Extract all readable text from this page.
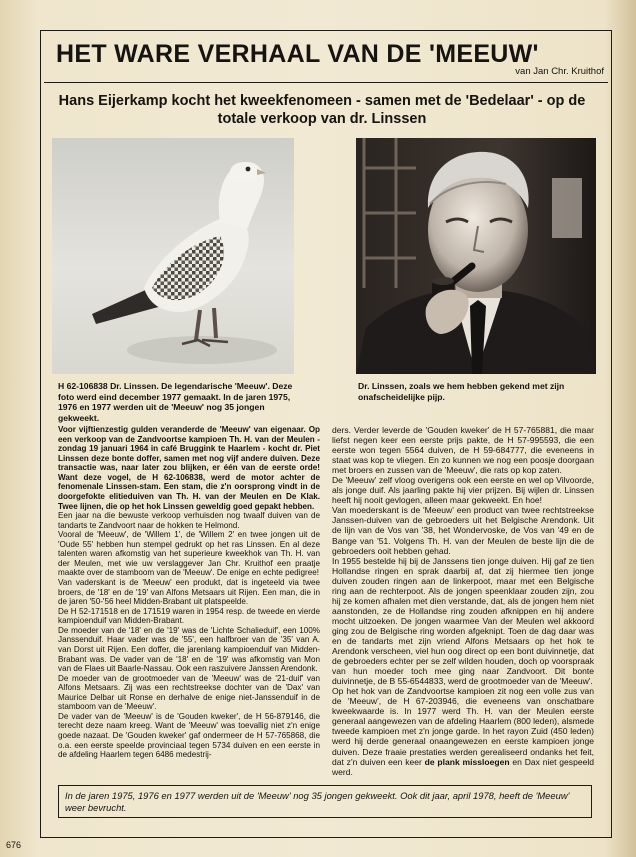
HET WARE VERHAAL VAN DE 'MEEUW'
van Jan Chr. Kruithof
Hans Eijerkamp kocht het kweekfenomeen - samen met de 'Bedelaar' - op de totale verkoop van dr. Linssen

H 62-106838 Dr. Linssen. De legendarische 'Meeuw'. Deze foto werd eind december 1977 gemaakt. In de jaren 1975, 1976 en 1977 werden uit de 'Meeuw' nog 35 jongen gekweekt.

Dr. Linssen, zoals we hem hebben gekend met zijn onafscheidelijke pijp.

Voor vijftienzestig gulden veranderde de 'Meeuw' van eigenaar. Op een verkoop van de Zandvoortse kampioen Th. H. van der Meulen - zondag 19 januari 1964 in café Bruggink te Haarlem - kocht dr. Piet Linssen deze bonte doffer, samen met nog vijf andere duiven. Deze transactie was, naar later zou blijken, er één van de eerste orde! Want deze vogel, de H 62-106838, werd de motor achter de fenomenale Linssen-stam. Een stam, die z'n oorsprong vindt in de doorgefokte elitieduiven van Th. H. van der Meulen en De Klak. Twee lijnen, die op het hok Linssen geweldig goed gepakt hebben.

Een jaar na die bewuste verkoop verhuisden nog twaalf duiven van de tandarts te Zandvoort naar de hokken te Helmond.

Vooral de 'Meeuw', de 'Willem 1', de 'Willem 2' en twee jongen uit de 'Oude 55' hebben hun stempel gedrukt op het ras Linssen. En al deze talenten waren afkomstig van het superieure kweekhok van Th. H. van der Meulen, met wie uw verslaggever Jan Chr. Kruithof een praatje maakte over de stamboom van de 'Meeuw'. De enige en echte pedigree!

Van vaderskant is de 'Meeuw' een produkt, dat is ingeteeld via twee broers, de '18' en de '19' van Alfons Metsaars uit Rijen. Een man, die in de jaren '50-'56 heel Midden-Brabant uit platspeelde.

De H 52-171518 en de 171519 waren in 1954 resp. de tweede en vierde kampioenduif van Midden-Brabant.

De moeder van de '18' en de '19' was de 'Lichte Schalieduif', een 100% Janssenduif. Haar vader was de '55', een halfbroer van de '35' van A. van Dorst uit Rijen. Een doffer, die jarenlang kampioenduif van Midden-Brabant was. De vader van de '18' en de '19' was afkomstig van Mon van de Flaes uit Baarle-Nassau. Ook een raszuivere Janssen Arendonk.

De moeder van de grootmoeder van de 'Meeuw' was de '21-duif' van Alfons Metsaars. Zij was een rechtstreekse dochter van de 'Dax' van Maurice Delbar uit Ronse en derhalve de enige niet-Janssenduif in de stamboom van de 'Meeuw'.

De vader van de 'Meeuw' is de 'Gouden kweker', de H 56-879146, die terecht deze naam kreeg. Want de 'Meeuw' was toevallig niet z'n enige goede nazaat. De 'Gouden kweker' gaf ondermeer de H 57-765868, die o.a. een eerste speelde provinciaal tegen 5734 duiven en een eerste in de afdeling Haarlem tegen 6486 medestrij-

ders. Verder leverde de 'Gouden kweker' de H 57-765881, die maar liefst negen keer een eerste prijs pakte, de H 57-995593, die een eerste won tegen 5564 duiven, de H 59-684777, die eveneens in staat was kop te vliegen. En zo kunnen we nog een poosje doorgaan met broers en zussen van de 'Meeuw', die rats op kop zaten.

De 'Meeuw' zelf vloog overigens ook een eerste en wel op Vilvoorde, als jonge duif. Als jaarling pakte hij vier prijzen. Bij wijlen dr. Linssen heeft hij nooit gevlogen, alleen maar gekweekt. En hoe!

Van moederskant is de 'Meeuw' een product van twee rechtstreekse Janssen-duiven van de gebroeders uit het Belgische Arendonk. Uit de lijn van de Vos van '38, het Wondervoske, de Vos van '49 en de Bange van '51. Volgens Th. H. van der Meulen de beste lijn die de gebroeders ooit hebben gehad.

In 1955 bestelde hij bij de Janssens tien jonge duiven. Hij gaf ze tien Hollandse ringen en sprak daarbij af, dat zij hiermee tien jonge duiven zouden ringen aan de linkerpoot, maar met een Belgische ring aan de rechterpoot. Als de jongen speenklaar zouden zijn, zou hij ze komen afhalen met dien verstande, dat, als de jongen hem niet aanstonden, ze de Hollandse ring zouden afknippen en hij andere mocht uitzoeken. De jongen waarmee Van der Meulen wel akkoord ging zou de Belgische ring worden afgeknipt. Toen de dag daar was en de tandarts met zijn vriend Alfons Metsaars op het hok te Arendonk verscheen, viel hun oog direct op een bont duivinnetje, dat de gebroeders echter per se zelf wilden houden, doch op voorspraak van hun moeder toch mee ging naar Zandvoort. Dit bonte duivinnetje, de B 55-6544833, werd de grootmoeder van de 'Meeuw'.

Op het hok van de Zandvoortse kampioen zit nog een volle zus van de 'Meeuw', de H 67-203946, die eveneens van onschatbare kweekwaarde is. In 1977 werd Th. H. van der Meulen eerste generaal aangewezen van de afdeling Haarlem (800 leden), alsmede tweede kampioen met z'n jonge garde. In het rayon Zuid (450 leden) werd hij derde generaal onaangewezen en eerste kampioen jonge duiven. Deze fraaie prestaties werden gerealiseerd ondanks het feit, dat z'n duiven een keer de plank missloegen en Dax niet gespeeld werd.

In de jaren 1975, 1976 en 1977 werden uit de 'Meeuw' nog 35 jongen gekweekt. Ook dit jaar, april 1978, heeft de 'Meeuw' weer bevrucht.

676
